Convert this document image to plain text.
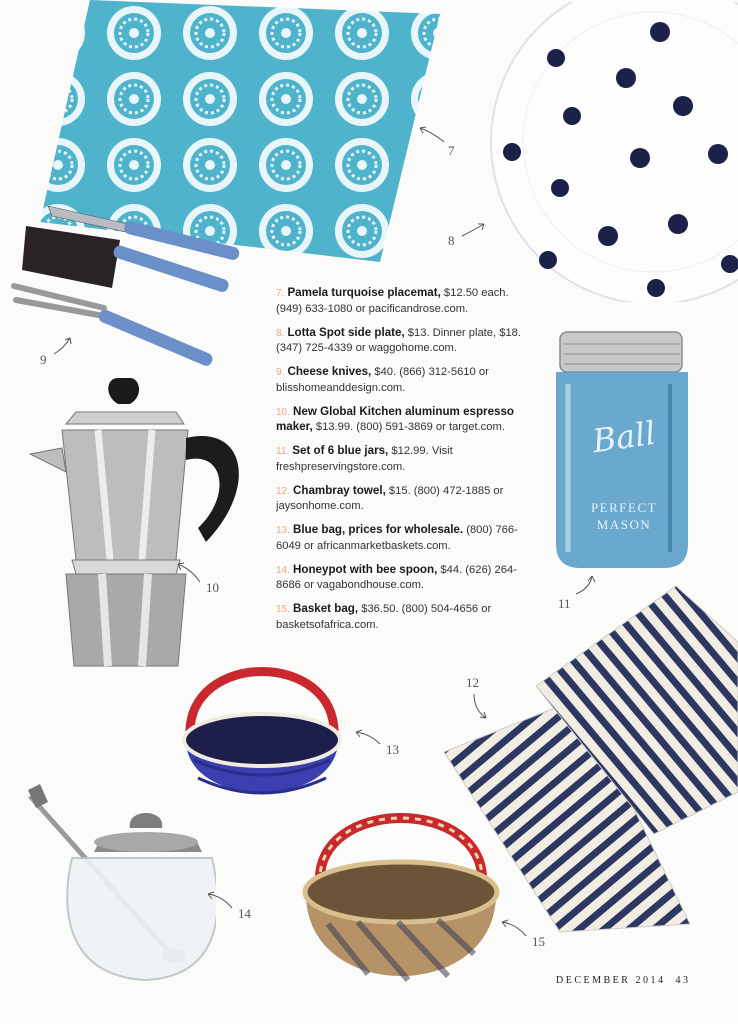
Ball
PERFECT
MASON
7
8
9
10
11
12
13
14
15
7. Pamela turquoise placemat, $12.50 each. (949) 633-1080 or pacificandrose.com.
8. Lotta Spot side plate, $13. Dinner plate, $18. (347) 725-4339 or waggohome.com.
9. Cheese knives, $40. (866) 312-5610 or blisshomeanddesign.com.
10. New Global Kitchen aluminum espresso maker, $13.99. (800) 591-3869 or target.com.
11. Set of 6 blue jars, $12.99. Visit freshpreservingstore.com.
12. Chambray towel, $15. (800) 472-1885 or jaysonhome.com.
13. Blue bag, prices for wholesale. (800) 766-6049 or africanmarketbaskets.com.
14. Honeypot with bee spoon, $44. (626) 264-8686 or vagabondhouse.com.
15. Basket bag, $36.50. (800) 504-4656 or basketsofafrica.com.
DECEMBER 2014 43
